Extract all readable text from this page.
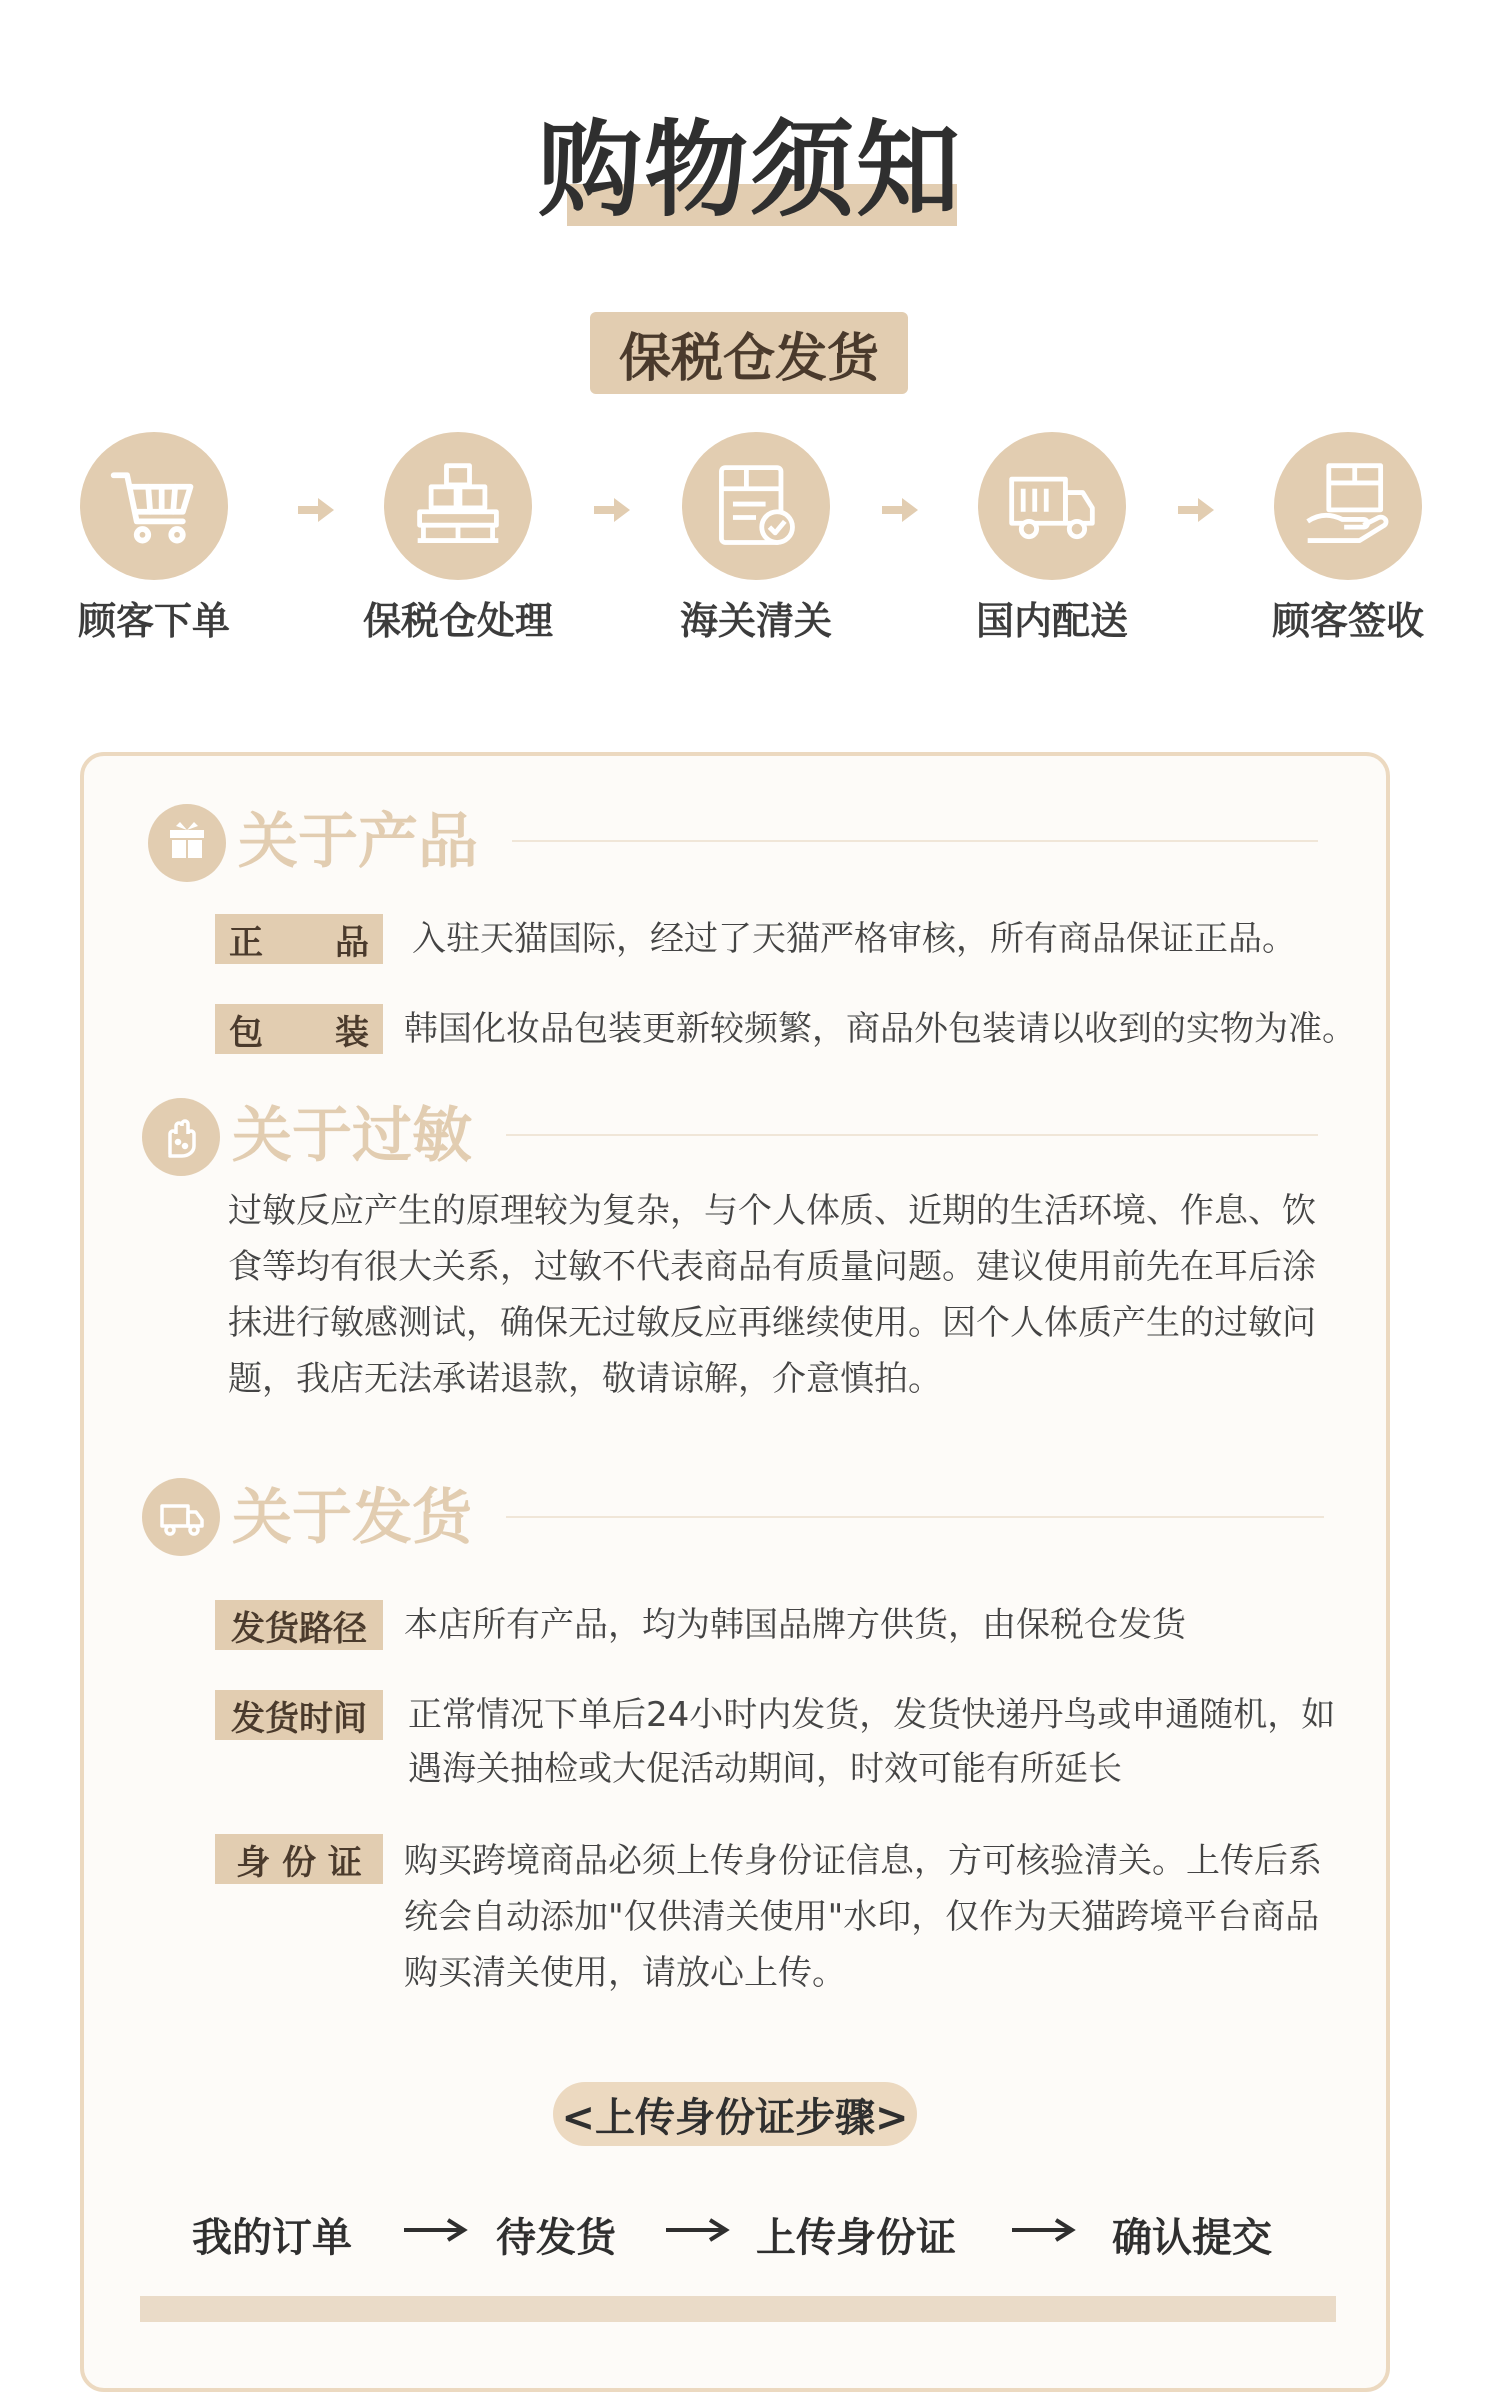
购物须知
保税仓发货
顾客下单	保税仓处理	海关清关	国内配送	顾客签收
关于产品
正 品 入驻天猫国际，经过了天猫严格审核，所有商品保证正品。
包 装 韩国化妆品包装更新较频繁，商品外包装请以收到的实物为准。
关于过敏
过敏反应产生的原理较为复杂，与个人体质、近期的生活环境、作息、饮
食等均有很大关系，过敏不代表商品有质量问题。建议使用前先在耳后涂
抹进行敏感测试，确保无过敏反应再继续使用。因个人体质产生的过敏问
题，我店无法承诺退款，敬请谅解，介意慎拍。
关于发货
发货路径	本店所有产品，均为韩国品牌方供货，由保税仓发货
发货时间	正常情况下单后24小时内发货，发货快递丹鸟或申通随机，如
遇海关抽检或大促活动期间，时效可能有所延长
身 份 证	购买跨境商品必须上传身份证信息，方可核验清关。上传后系
统会自动添加"仅供清关使用"水印，仅作为天猫跨境平台商品
购买清关使用，请放心上传。
<上传身份证步骤>
我的订单	待发货	上传身份证	确认提交
